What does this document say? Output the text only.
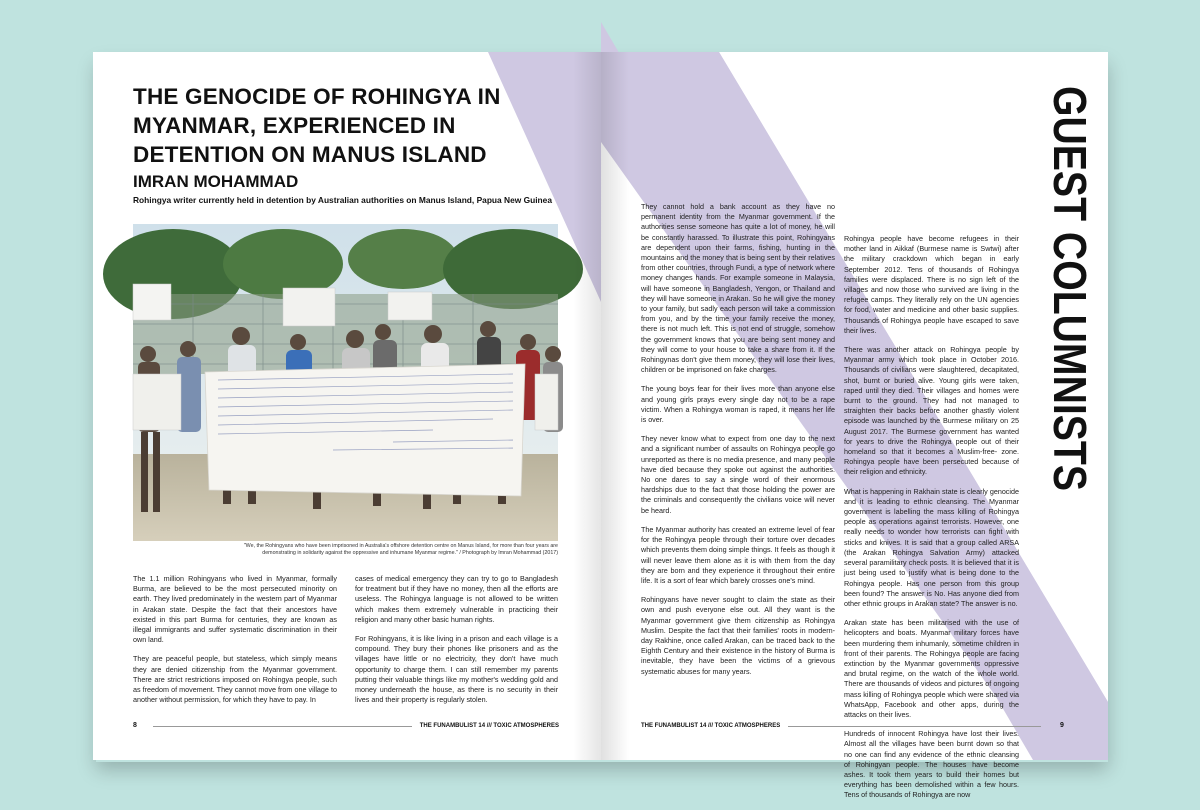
THE GENOCIDE OF ROHINGYA IN MYANMAR, EXPERIENCED IN DETENTION ON MANUS ISLAND
IMRAN MOHAMMAD
Rohingya writer currently held in detention by Australian authorities on Manus Island, Papua New Guinea
"We, the Rohingyans who have been imprisoned in Australia's offshore detention centre on Manus Island, for more than four years are demonstrating in solidarity against the oppressive and inhumane Myanmar regime." / Photograph by Imran Mohammad (2017)

The 1.1 million Rohingyans who lived in Myanmar, formally Burma, are believed to be the most persecuted minority on earth. They lived predominately in the western part of Myanmar in Arakan state. Despite the fact that their ancestors have existed in this part Burma for centuries, they are known as illegal immigrants and suffer systematic discrimination in their own land.

They are peaceful people, but stateless, which simply means they are denied citizenship from the Myanmar government. There are strict restrictions imposed on Rohingya people, such as freedom of movement. They cannot move from one village to another without permission, for which they have to pay. In

cases of medical emergency they can try to go to Bangladesh for treatment but if they have no money, then all the efforts are useless. The Rohingya language is not allowed to be written which makes them extremely vulnerable in practicing their religion and many other basic human rights.

For Rohingyans, it is like living in a prison and each village is a compound. They bury their phones like prisoners and as the villages have little or no electricity, they don't have much opportunity to charge them. I can still remember my parents putting their valuable things like my mother's wedding gold and money underneath the house, as there is no security in their lives and their property is regularly stolen.

8	THE FUNAMBULIST 14 /// TOXIC ATMOSPHERES

They cannot hold a bank account as they have no permanent identity from the Myanmar government. If the authorities sense someone has quite a lot of money, he will be constantly harassed. To illustrate this point, Rohingyans are dependent upon their farms, fishing, hunting in the mountains and the money that is being sent by their relatives from other countries, through Fundi, a type of network where money changes hands. For example someone in Malaysia, will have someone in Bangladesh, Yengon, or Thailand and they will have someone in Arakan. So he will give the money to your family, but sadly each person will take a commission from you, and by the time your family receive the money, there is not much left. This is not end of struggle, somehow the government knows that you are being sent money and they will come to your house to take a share from it. If the Rohingynas don't give them money, they will lose their lives, children or be imprisoned on fake charges.

The young boys fear for their lives more than anyone else and young girls prays every single day not to be a rape victim. When a Rohingya woman is raped, it means her life is over.

They never know what to expect from one day to the next and a significant number of assaults on Rohingya people go unreported as there is no media presence, and many people have died because they spoke out against the authorities. No one dares to say a single word of their enormous hardships due to the fact that those holding the power are the criminals and consequently the civilians voice will never be heard.

The Myanmar authority has created an extreme level of fear for the Rohingya people through their torture over decades which prevents them doing simple things. It feels as though it will never leave them alone as it is with them from the day they are born and they experience it throughout their entire life. It is a sort of fear which barely crosses one's mind.

Rohingyans have never sought to claim the state as their own and push everyone else out. All they want is the Myanmar government give them citizenship as Rohingya Muslim. Despite the fact that their families' roots in modern-day Rakhine, once called Arakan, can be traced back to the Eighth Century and their existence in the history of Burma is inevitable, they have been the victims of a grievous systematic abuses for many years.

Rohingya people have become refugees in their mother land in Aikkaf (Burmese name is Swtwi) after the military crackdown which began in early September 2012. Tens of thousands of Rohingya families were displaced. There is no sign left of the villages and now those who survived are living in the refugee camps. They literally rely on the UN agencies for food, water and medicine and other basic supplies. Thousands of Rohingya people have escaped to save their lives.

There was another attack on Rohingya people by Myanmar army which took place in October 2016. Thousands of civilians were slaughtered, decapitated, shot, burnt or buried alive. Young girls were taken, raped until they died. Their villages and homes were burnt to the ground. They had not managed to straighten their backs before another ghastly violent episode was launched by the Burmese military on 25 August 2017. The Burmese government has wanted for years to drive the Rohingya people out of their homeland so that it becomes a Muslim-free- zone. Rohingya people have been persecuted because of their religion and ethnicity.

What is happening in Rakhain state is clearly genocide and it is leading to ethnic cleansing. The Myanmar government is labelling the mass killing of Rohingya people as operations against terrorists. However, one really needs to wonder how terrorists can fight with sticks and knives. It is said that a group called ARSA (the Arakan Rohingya Salvation Army) attacked several paramilitary check posts. It is believed that it is just being used to justify what is being done to the Rohingya people. Has one person from this group been found? The answer is No. Has anyone died from other ethnic groups in Arakan state? The answer is no.

Arakan state has been militarised with the use of helicopters and boats. Myanmar military forces have been murdering them inhumanly, sometime children in front of their parents. The Rohingya people are facing extinction by the Myanmar governments oppressive and brutal regime, on the watch of the whole world. There are thousands of videos and pictures of ongoing mass killing of Rohingya people which were shared via WhatsApp, Facebook and other apps, during the attacks on their lives.

Hundreds of innocent Rohingya have lost their lives. Almost all the villages have been burnt down so that no one can find any evidence of the ethnic cleansing of Rohingyan people. The houses have become ashes. It took them years to build their homes but everything has been demolished within a few hours. Tens of thousands of Rohingya are now

GUEST COLUMNISTS
9
THE FUNAMBULIST 14 /// TOXIC ATMOSPHERES
